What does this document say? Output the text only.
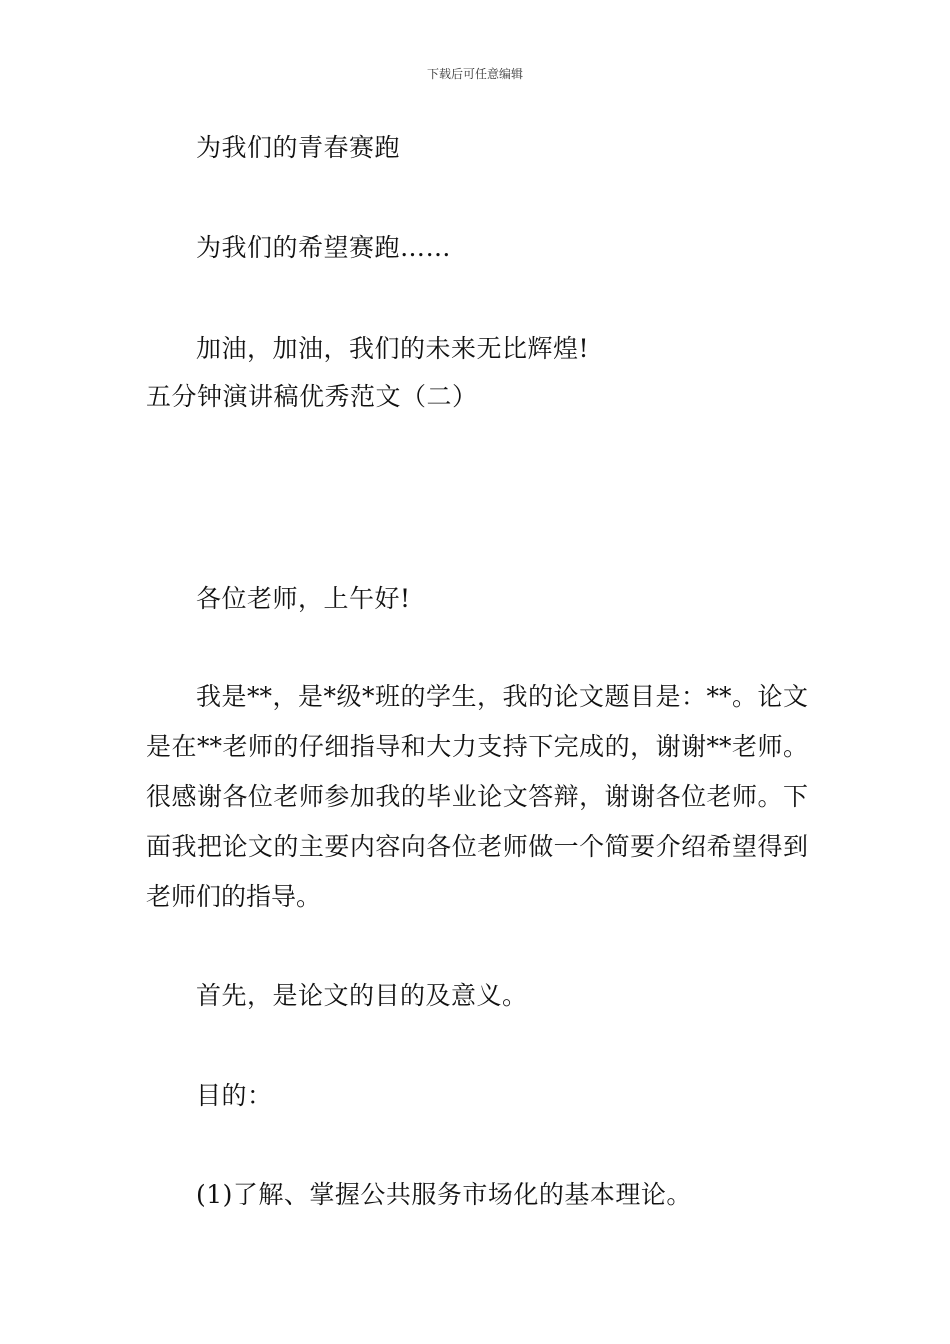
下载后可任意编辑
为我们的青春赛跑
为我们的希望赛跑……
加油，加油，我们的未来无比辉煌!
五分钟演讲稿优秀范文（二）
各位老师，上午好!
我是**，是*级*班的学生，我的论文题目是：**。论文是在**老师的仔细指导和大力支持下完成的，谢谢**老师。很感谢各位老师参加我的毕业论文答辩，谢谢各位老师。下面我把论文的主要内容向各位老师做一个简要介绍希望得到老师们的指导。
首先，是论文的目的及意义。
目的：
(1)了解、掌握公共服务市场化的基本理论。
